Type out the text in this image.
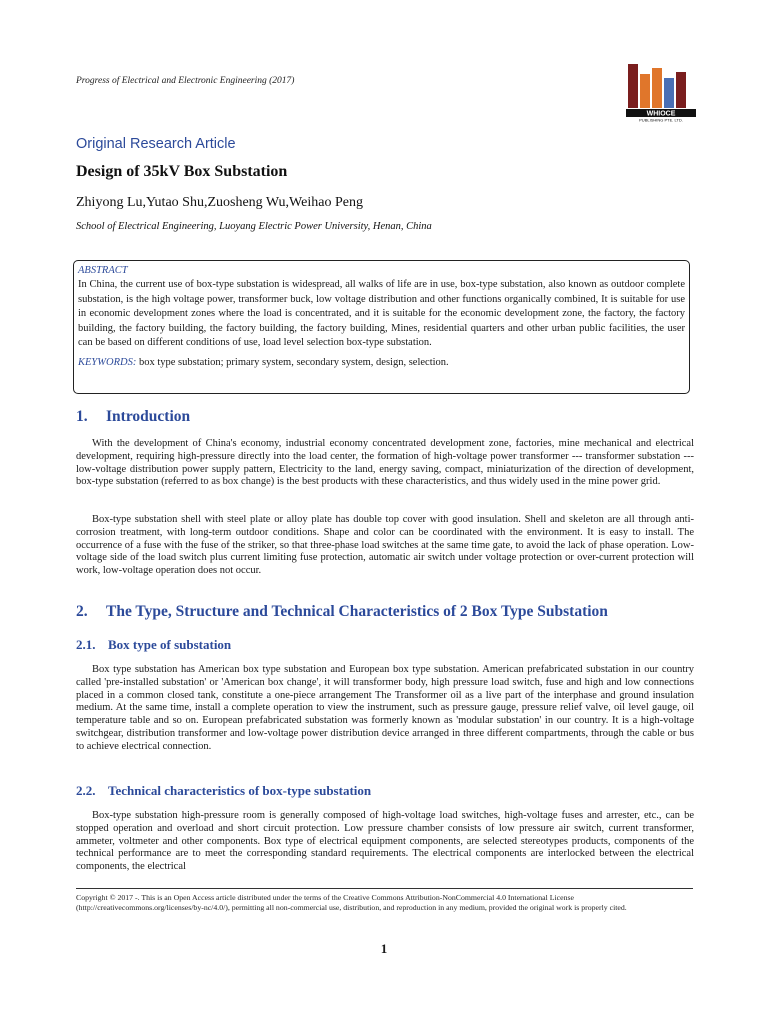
Progress of Electrical and Electronic Engineering (2017)
WHIOCE
PUBLISHING PTE. LTD.
Original Research Article
Design of 35kV Box Substation
Zhiyong Lu,Yutao Shu,Zuosheng Wu,Weihao Peng
School of Electrical Engineering, Luoyang Electric Power University, Henan, China
ABSTRACT

In China, the current use of box-type substation is widespread, all walks of life are in use, box-type substation, also known as outdoor complete substation, is the high voltage power, transformer buck, low voltage distribution and other functions organically combined, It is suitable for use in economic development zones where the load is concentrated, and it is suitable for the economic development zone, the factory, the factory building, the factory building, the factory building, the factory building, Mines, residential quarters and other urban public facilities, the user can be based on different conditions of use, load level selection box-type substation.

KEYWORDS: box type substation; primary system, secondary system, design, selection.
1. Introduction

With the development of China's economy, industrial economy concentrated development zone, factories, mine mechanical and electrical development, requiring high-pressure directly into the load center, the formation of high-voltage power transformer --- transformer substation --- low-voltage distribution power supply pattern, Electricity to the land, energy saving, compact, miniaturization of the direction of development, box-type substation (referred to as box change) is the best products with these characteristics, and thus widely used in the mine power grid.

Box-type substation shell with steel plate or alloy plate has double top cover with good insulation. Shell and skeleton are all through anti-corrosion treatment, with long-term outdoor conditions. Shape and color can be coordinated with the environment. It is easy to install. The occurrence of a fuse with the fuse of the striker, so that three-phase load switches at the same time gate, to avoid the lack of phase operation. Low-voltage side of the load switch plus current limiting fuse protection, automatic air switch under voltage protection or over-current protection will work, low-voltage operation does not occur.

2. The Type, Structure and Technical Characteristics of 2 Box Type Substation
2.1. Box type of substation

Box type substation has American box type substation and European box type substation. American prefabricated substation in our country called 'pre-installed substation' or 'American box change', it will transformer body, high pressure load switch, fuse and high and low connections placed in a common closed tank, constitute a one-piece arrangement The Transformer oil as a live part of the interphase and ground insulation medium. At the same time, install a complete operation to view the instrument, such as pressure gauge, pressure relief valve, oil level gauge, oil temperature table and so on. European prefabricated substation was formerly known as 'modular substation' in our country. It is a high-voltage switchgear, distribution transformer and low-voltage power distribution device arranged in three different compartments, through the cable or bus to achieve electrical connection.

2.2. Technical characteristics of box-type substation

Box-type substation high-pressure room is generally composed of high-voltage load switches, high-voltage fuses and arrester, etc., can be stopped operation and overload and short circuit protection. Low pressure chamber consists of low pressure air switch, current transformer, ammeter, voltmeter and other components. Box type of electrical equipment components, are selected stereotypes products, components of the technical performance are to meet the corresponding standard requirements. The electrical components are interlocked between the electrical components, the electrical

Copyright © 2017 -. This is an Open Access article distributed under the terms of the Creative Commons Attribution-NonCommercial 4.0 International License (http://creativecommons.org/licenses/by-nc/4.0/), permitting all non-commercial use, distribution, and reproduction in any medium, provided the original work is properly cited.

1
